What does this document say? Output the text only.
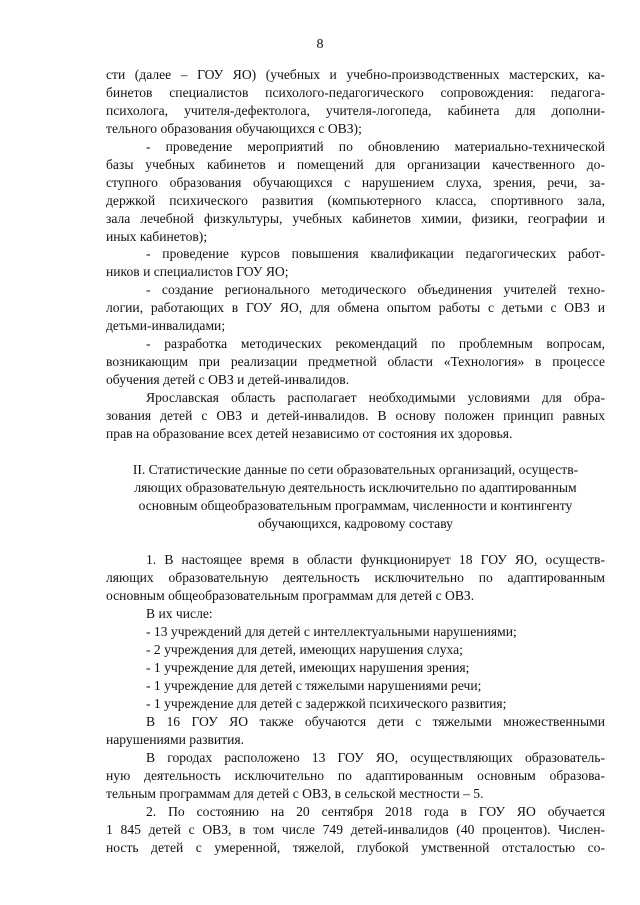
8
сти (далее – ГОУ ЯО) (учебных и учебно-производственных мастерских, ка-
бинетов специалистов психолого-педагогического сопровождения: педагога-
психолога, учителя-дефектолога, учителя-логопеда, кабинета для дополни-
тельного образования обучающихся с ОВЗ);
- проведение мероприятий по обновлению материально-технической
базы учебных кабинетов и помещений для организации качественного до-
ступного образования обучающихся с нарушением слуха, зрения, речи, за-
держкой психического развития (компьютерного класса, спортивного зала,
зала лечебной физкультуры, учебных кабинетов химии, физики, географии и
иных кабинетов);
- проведение курсов повышения квалификации педагогических работ-
ников и специалистов ГОУ ЯО;
- создание регионального методического объединения учителей техно-
логии, работающих в ГОУ ЯО, для обмена опытом работы с детьми с ОВЗ и
детьми-инвалидами;
- разработка методических рекомендаций по проблемным вопросам,
возникающим при реализации предметной области «Технология» в процессе
обучения детей с ОВЗ и детей-инвалидов.
Ярославская область располагает необходимыми условиями для обра-
зования детей с ОВЗ и детей-инвалидов. В основу положен принцип равных
прав на образование всех детей независимо от состояния их здоровья.
II. Статистические данные по сети образовательных организаций, осуществ-
ляющих образовательную деятельность исключительно по адаптированным
основным общеобразовательным программам, численности и контингенту
обучающихся, кадровому составу
1. В настоящее время в области функционирует 18 ГОУ ЯО, осуществ-
ляющих образовательную деятельность исключительно по адаптированным
основным общеобразовательным программам для детей с ОВЗ.
В их числе:
- 13 учреждений для детей с интеллектуальными нарушениями;
- 2 учреждения для детей, имеющих нарушения слуха;
- 1 учреждение для детей, имеющих нарушения зрения;
- 1 учреждение для детей с тяжелыми нарушениями речи;
- 1 учреждение для детей с задержкой психического развития;
В 16 ГОУ ЯО также обучаются дети с тяжелыми множественными
нарушениями развития.
В городах расположено 13 ГОУ ЯО, осуществляющих образователь-
ную деятельность исключительно по адаптированным основным образова-
тельным программам для детей с ОВЗ, в сельской местности – 5.
2. По состоянию на 20 сентября 2018 года в ГОУ ЯО обучается
1 845 детей с ОВЗ, в том числе 749 детей-инвалидов (40 процентов). Числен-
ность детей с умеренной, тяжелой, глубокой умственной отсталостью со-
